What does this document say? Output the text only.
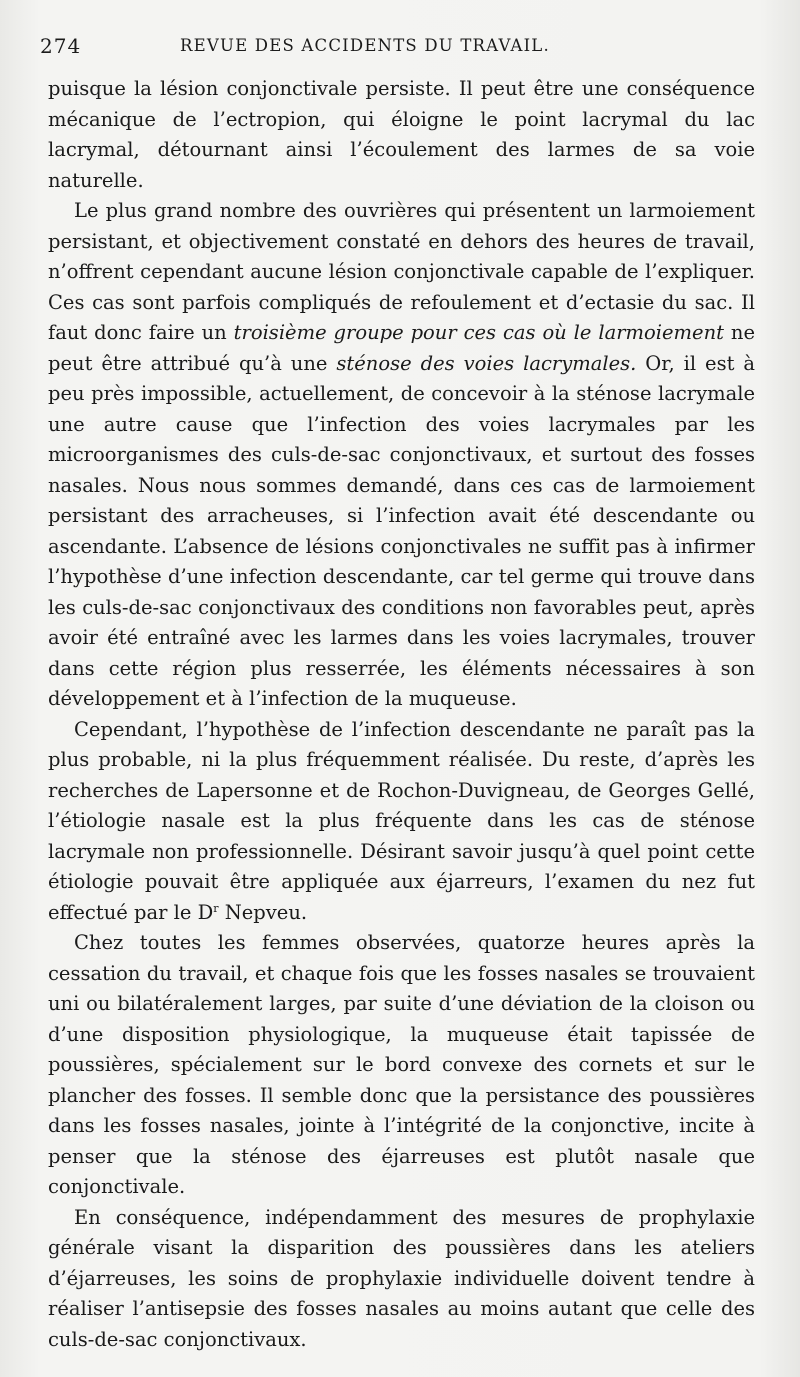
274	REVUE DES ACCIDENTS DU TRAVAIL.

puisque la lésion conjonctivale persiste. Il peut être une conséquence mécanique de l’ectropion, qui éloigne le point lacrymal du lac lacrymal, détournant ainsi l’écoulement des larmes de sa voie naturelle.

Le plus grand nombre des ouvrières qui présentent un larmoiement persistant, et objectivement constaté en dehors des heures de travail, n’offrent cependant aucune lésion conjonctivale capable de l’expliquer. Ces cas sont parfois compliqués de refoulement et d’ectasie du sac. Il faut donc faire un troisième groupe pour ces cas où le larmoiement ne peut être attribué qu’à une sténose des voies lacrymales. Or, il est à peu près impossible, actuellement, de concevoir à la sténose lacrymale une autre cause que l’infection des voies lacrymales par les microorganismes des culs-de-sac conjonctivaux, et surtout des fosses nasales. Nous nous sommes demandé, dans ces cas de larmoiement persistant des arracheuses, si l’infection avait été descendante ou ascendante. L’absence de lésions conjonctivales ne suffit pas à infirmer l’hypothèse d’une infection descendante, car tel germe qui trouve dans les culs-de-sac conjonctivaux des conditions non favorables peut, après avoir été entraîné avec les larmes dans les voies lacrymales, trouver dans cette région plus resserrée, les éléments nécessaires à son développement et à l’infection de la muqueuse.

Cependant, l’hypothèse de l’infection descendante ne paraît pas la plus probable, ni la plus fréquemment réalisée. Du reste, d’après les recherches de Lapersonne et de Rochon-Duvigneau, de Georges Gellé, l’étiologie nasale est la plus fréquente dans les cas de sténose lacrymale non professionnelle. Désirant savoir jusqu’à quel point cette étiologie pouvait être appliquée aux éjarreurs, l’examen du nez fut effectué par le $D^r$ Nepveu.

Chez toutes les femmes observées, quatorze heures après la cessation du travail, et chaque fois que les fosses nasales se trouvaient uni ou bilatéralement larges, par suite d’une déviation de la cloison ou d’une disposition physiologique, la muqueuse était tapissée de poussières, spécialement sur le bord convexe des cornets et sur le plancher des fosses. Il semble donc que la persistance des poussières dans les fosses nasales, jointe à l’intégrité de la conjonctive, incite à penser que la sténose des éjarreuses est plutôt nasale que conjonctivale.

En conséquence, indépendamment des mesures de prophylaxie générale visant la disparition des poussières dans les ateliers d’éjarreuses, les soins de prophylaxie individuelle doivent tendre à réaliser l’antisepsie des fosses nasales au moins autant que celle des culs-de-sac conjonctivaux.
